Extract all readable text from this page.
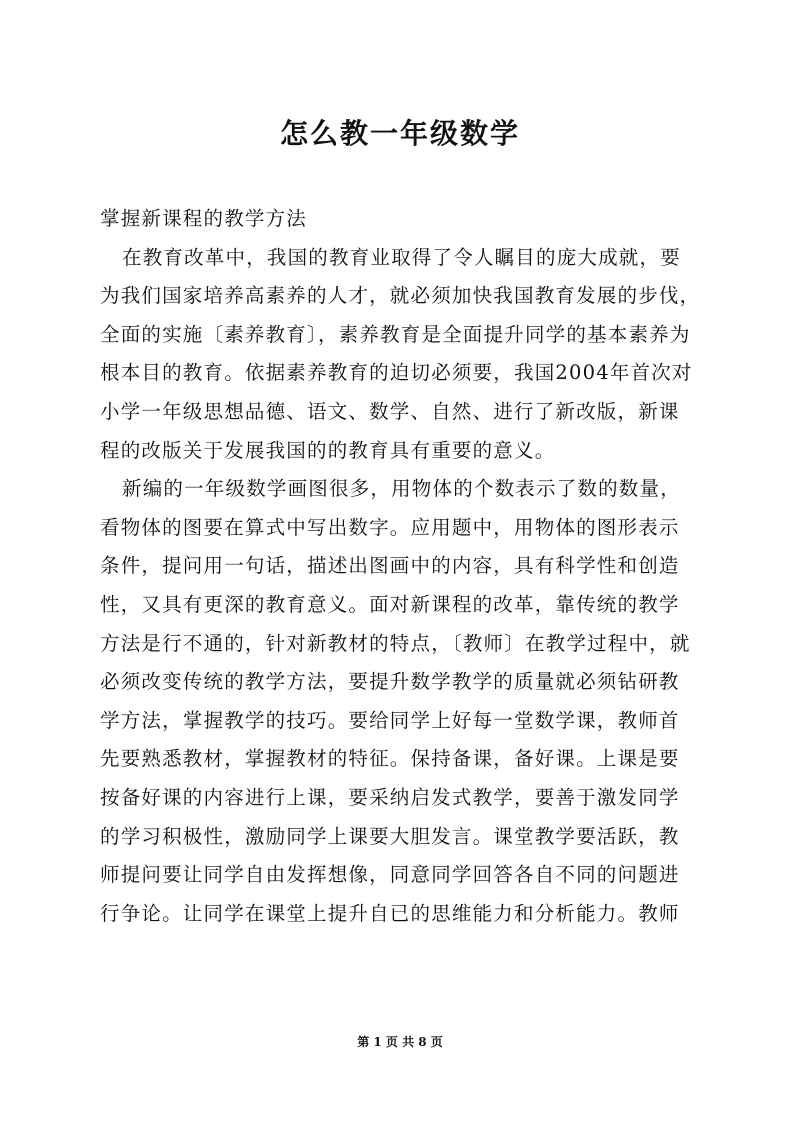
怎么教一年级数学
掌握新课程的教学方法
在教育改革中，我国的教育业取得了令人瞩目的庞大成就，要
为我们国家培养高素养的人才，就必须加快我国教育发展的步伐，
全面的实施〔素养教育〕，素养教育是全面提升同学的基本素养为
根本目的教育。依据素养教育的迫切必须要，我国2004年首次对
小学一年级思想品德、语文、数学、自然、进行了新改版，新课
程的改版关于发展我国的的教育具有重要的意义。
新编的一年级数学画图很多，用物体的个数表示了数的数量，
看物体的图要在算式中写出数字。应用题中，用物体的图形表示
条件，提问用一句话，描述出图画中的内容，具有科学性和创造
性，又具有更深的教育意义。面对新课程的改革，靠传统的教学
方法是行不通的，针对新教材的特点，〔教师〕在教学过程中，就
必须改变传统的教学方法，要提升数学教学的质量就必须钻研教
学方法，掌握教学的技巧。要给同学上好每一堂数学课，教师首
先要熟悉教材，掌握教材的特征。保持备课，备好课。上课是要
按备好课的内容进行上课，要采纳启发式教学，要善于激发同学
的学习积极性，激励同学上课要大胆发言。课堂教学要活跃，教
师提问要让同学自由发挥想像，同意同学回答各自不同的问题进
行争论。让同学在课堂上提升自已的思维能力和分析能力。教师
第 1 页 共 8 页
